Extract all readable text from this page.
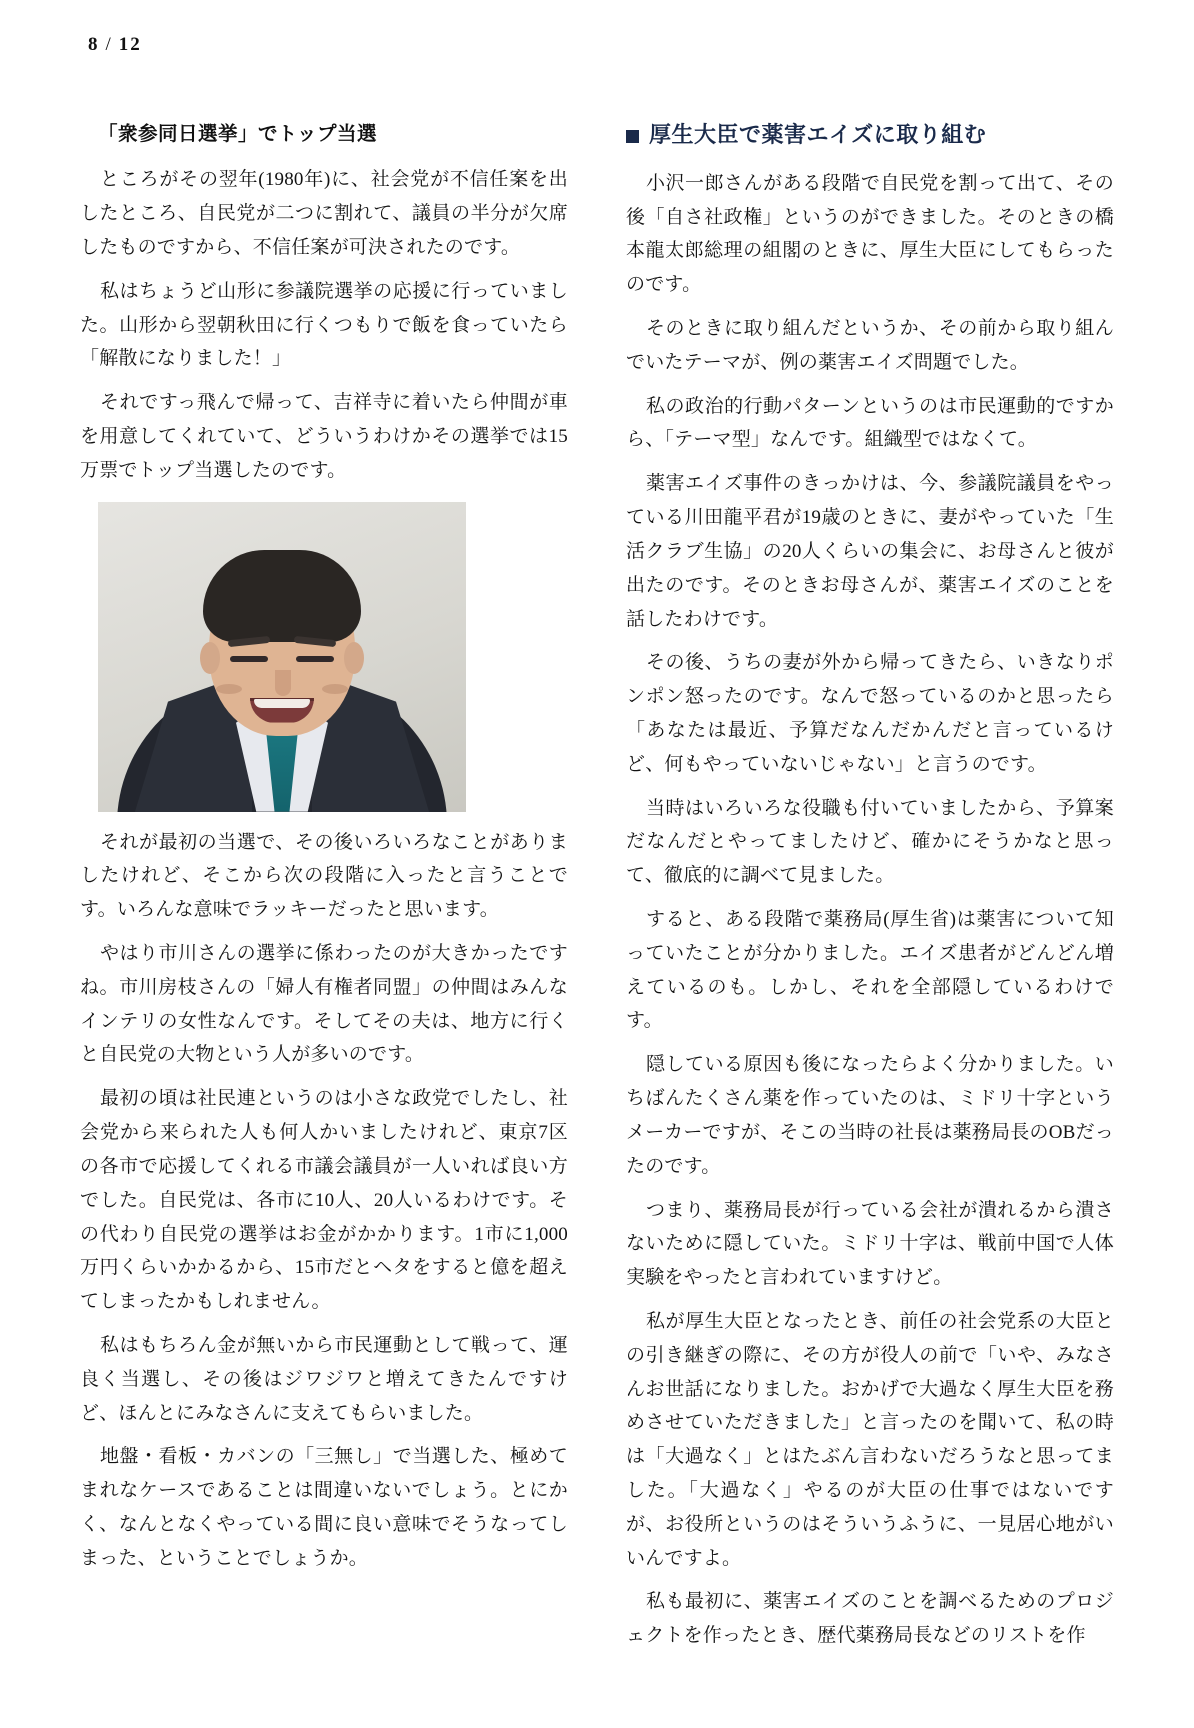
8 / 12
「衆参同日選挙」でトップ当選

ところがその翌年(1980年)に、社会党が不信任案を出したところ、自民党が二つに割れて、議員の半分が欠席したものですから、不信任案が可決されたのです。

私はちょうど山形に参議院選挙の応援に行っていました。山形から翌朝秋田に行くつもりで飯を食っていたら「解散になりました！」

それですっ飛んで帰って、吉祥寺に着いたら仲間が車を用意してくれていて、どういうわけかその選挙では15万票でトップ当選したのです。

それが最初の当選で、その後いろいろなことがありましたけれど、そこから次の段階に入ったと言うことです。いろんな意味でラッキーだったと思います。

やはり市川さんの選挙に係わったのが大きかったですね。市川房枝さんの「婦人有権者同盟」の仲間はみんなインテリの女性なんです。そしてその夫は、地方に行くと自民党の大物という人が多いのです。

最初の頃は社民連というのは小さな政党でしたし、社会党から来られた人も何人かいましたけれど、東京7区の各市で応援してくれる市議会議員が一人いれば良い方でした。自民党は、各市に10人、20人いるわけです。その代わり自民党の選挙はお金がかかります。1市に1,000万円くらいかかるから、15市だとヘタをすると億を超えてしまったかもしれません。

私はもちろん金が無いから市民運動として戦って、運良く当選し、その後はジワジワと増えてきたんですけど、ほんとにみなさんに支えてもらいました。

地盤・看板・カバンの「三無し」で当選した、極めてまれなケースであることは間違いないでしょう。とにかく、なんとなくやっている間に良い意味でそうなってしまった、ということでしょうか。

厚生大臣で薬害エイズに取り組む

小沢一郎さんがある段階で自民党を割って出て、その後「自さ社政権」というのができました。そのときの橋本龍太郎総理の組閣のときに、厚生大臣にしてもらったのです。

そのときに取り組んだというか、その前から取り組んでいたテーマが、例の薬害エイズ問題でした。

私の政治的行動パターンというのは市民運動的ですから、「テーマ型」なんです。組織型ではなくて。

薬害エイズ事件のきっかけは、今、参議院議員をやっている川田龍平君が19歳のときに、妻がやっていた「生活クラブ生協」の20人くらいの集会に、お母さんと彼が出たのです。そのときお母さんが、薬害エイズのことを話したわけです。

その後、うちの妻が外から帰ってきたら、いきなりポンポン怒ったのです。なんで怒っているのかと思ったら「あなたは最近、予算だなんだかんだと言っているけど、何もやっていないじゃない」と言うのです。

当時はいろいろな役職も付いていましたから、予算案だなんだとやってましたけど、確かにそうかなと思って、徹底的に調べて見ました。

すると、ある段階で薬務局(厚生省)は薬害について知っていたことが分かりました。エイズ患者がどんどん増えているのも。しかし、それを全部隠しているわけです。

隠している原因も後になったらよく分かりました。いちばんたくさん薬を作っていたのは、ミドリ十字というメーカーですが、そこの当時の社長は薬務局長のOBだったのです。

つまり、薬務局長が行っている会社が潰れるから潰さないために隠していた。ミドリ十字は、戦前中国で人体実験をやったと言われていますけど。

私が厚生大臣となったとき、前任の社会党系の大臣との引き継ぎの際に、その方が役人の前で「いや、みなさんお世話になりました。おかげで大過なく厚生大臣を務めさせていただきました」と言ったのを聞いて、私の時は「大過なく」とはたぶん言わないだろうなと思ってました。「大過なく」やるのが大臣の仕事ではないですが、お役所というのはそういうふうに、一見居心地がいいんですよ。

私も最初に、薬害エイズのことを調べるためのプロジェクトを作ったとき、歴代薬務局長などのリストを作
